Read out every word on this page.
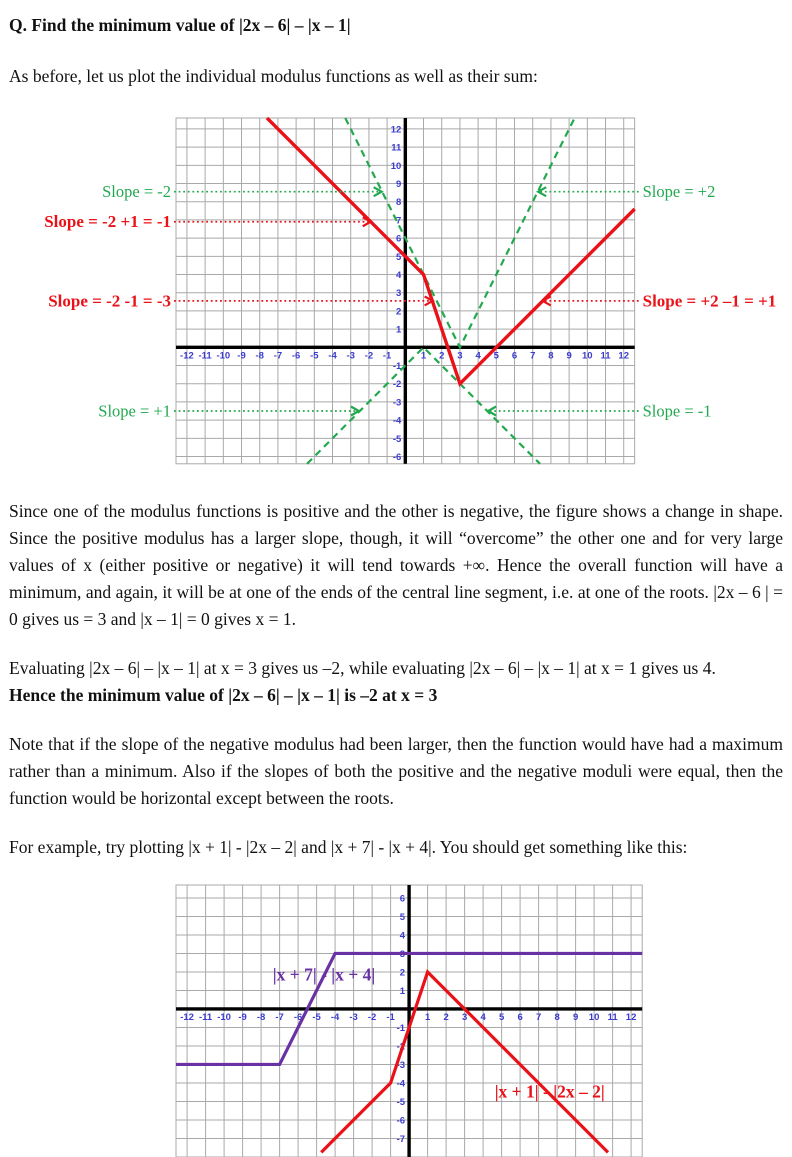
Q. Find the minimum value of |2x – 6| – |x – 1|
As before, let us plot the individual modulus functions as well as their sum:
-12 -11 -10 -9 -8 -7 -6 -5 -4 -3 -2 -1	1 2 3 4 5 6 7 8 9 10 11 12
-6
-5
-4
-3
-2
-1
1
2
3
4
5
6
7
8
9
10
11
12
Slope = -2
Slope = -2 +1 = -1
Slope = -2 -1 = -3
Slope = +1
Slope = +2
Slope = +2 –1 = +1
Slope = -1
Since one of the modulus functions is positive and the other is negative, the figure shows a change in shape. Since the positive modulus has a larger slope, though, it will “overcome” the other one and for very large values of x (either positive or negative) it will tend towards +∞. Hence the overall function will have a minimum, and again, it will be at one of the ends of the central line segment, i.e. at one of the roots. |2x – 6 | = 0 gives us = 3 and |x – 1| = 0 gives x = 1.
Evaluating |2x – 6| – |x – 1| at x = 3 gives us –2, while evaluating |2x – 6| – |x – 1| at x = 1 gives us 4.
Hence the minimum value of |2x – 6| – |x – 1| is –2 at x = 3
Note that if the slope of the negative modulus had been larger, then the function would have had a maximum rather than a minimum. Also if the slopes of both the positive and the negative moduli were equal, then the function would be horizontal except between the roots.
For example, try plotting |x + 1| - |2x – 2| and |x + 7| - |x + 4|. You should get something like this:
-12 -11 -10 -9 -8 -7 -6 -5 -4 -3 -2 -1	1 2 3 4 5 6 7 8 9 10 11 12
-7
-6
-5
-4
-3
-2
-1
1
2
3
4
5
6
|x + 7| - |x + 4|
|x + 1| - |2x – 2|
